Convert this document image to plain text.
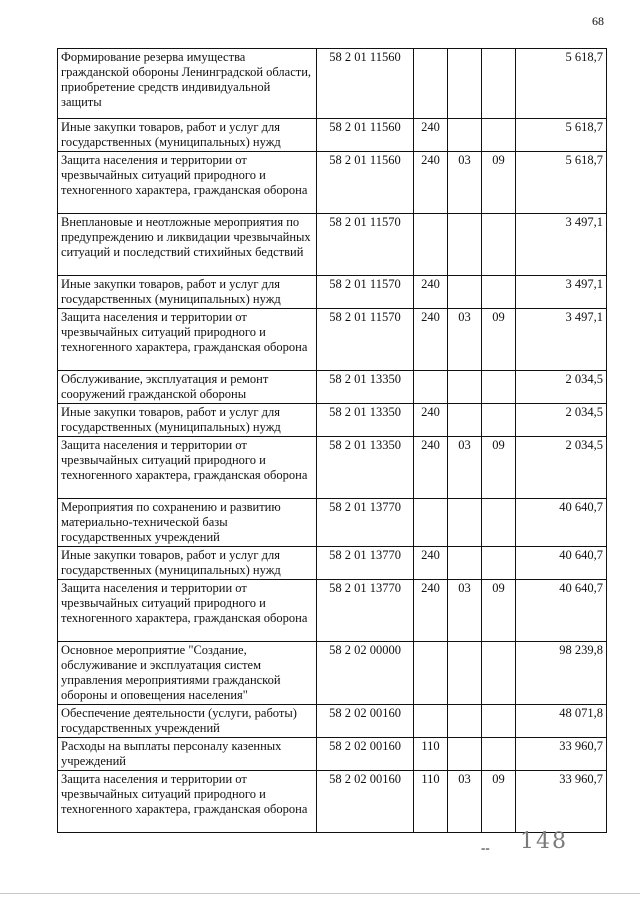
68
Формирование резерва имущества гражданской обороны Ленинградской области, приобретение средств индивидуальной защиты	58 2 01 11560				5 618,7
Иные закупки товаров, работ и услуг для государственных (муниципальных) нужд	58 2 01 11560	240			5 618,7
Защита населения и территории от чрезвычайных ситуаций природного и техногенного характера, гражданская оборона	58 2 01 11560	240	03	09	5 618,7
Внеплановые и неотложные мероприятия по предупреждению и ликвидации чрезвычайных ситуаций и последствий стихийных бедствий	58 2 01 11570				3 497,1
Иные закупки товаров, работ и услуг для государственных (муниципальных) нужд	58 2 01 11570	240			3 497,1
Защита населения и территории от чрезвычайных ситуаций природного и техногенного характера, гражданская оборона	58 2 01 11570	240	03	09	3 497,1
Обслуживание, эксплуатация и ремонт сооружений гражданской обороны	58 2 01 13350				2 034,5
Иные закупки товаров, работ и услуг для государственных (муниципальных) нужд	58 2 01 13350	240			2 034,5
Защита населения и территории от чрезвычайных ситуаций природного и техногенного характера, гражданская оборона	58 2 01 13350	240	03	09	2 034,5
Мероприятия по сохранению и развитию материально-технической базы государственных учреждений	58 2 01 13770				40 640,7
Иные закупки товаров, работ и услуг для государственных (муниципальных) нужд	58 2 01 13770	240			40 640,7
Защита населения и территории от чрезвычайных ситуаций природного и техногенного характера, гражданская оборона	58 2 01 13770	240	03	09	40 640,7
Основное мероприятие "Создание, обслуживание и эксплуатация систем управления мероприятиями гражданской обороны и оповещения населения"	58 2 02 00000				98 239,8
Обеспечение деятельности (услуги, работы) государственных учреждений	58 2 02 00160				48 071,8
Расходы на выплаты персоналу казенных учреждений	58 2 02 00160	110			33 960,7
Защита населения и территории от чрезвычайных ситуаций природного и техногенного характера, гражданская оборона	58 2 02 00160	110	03	09	33 960,7
-- 148
